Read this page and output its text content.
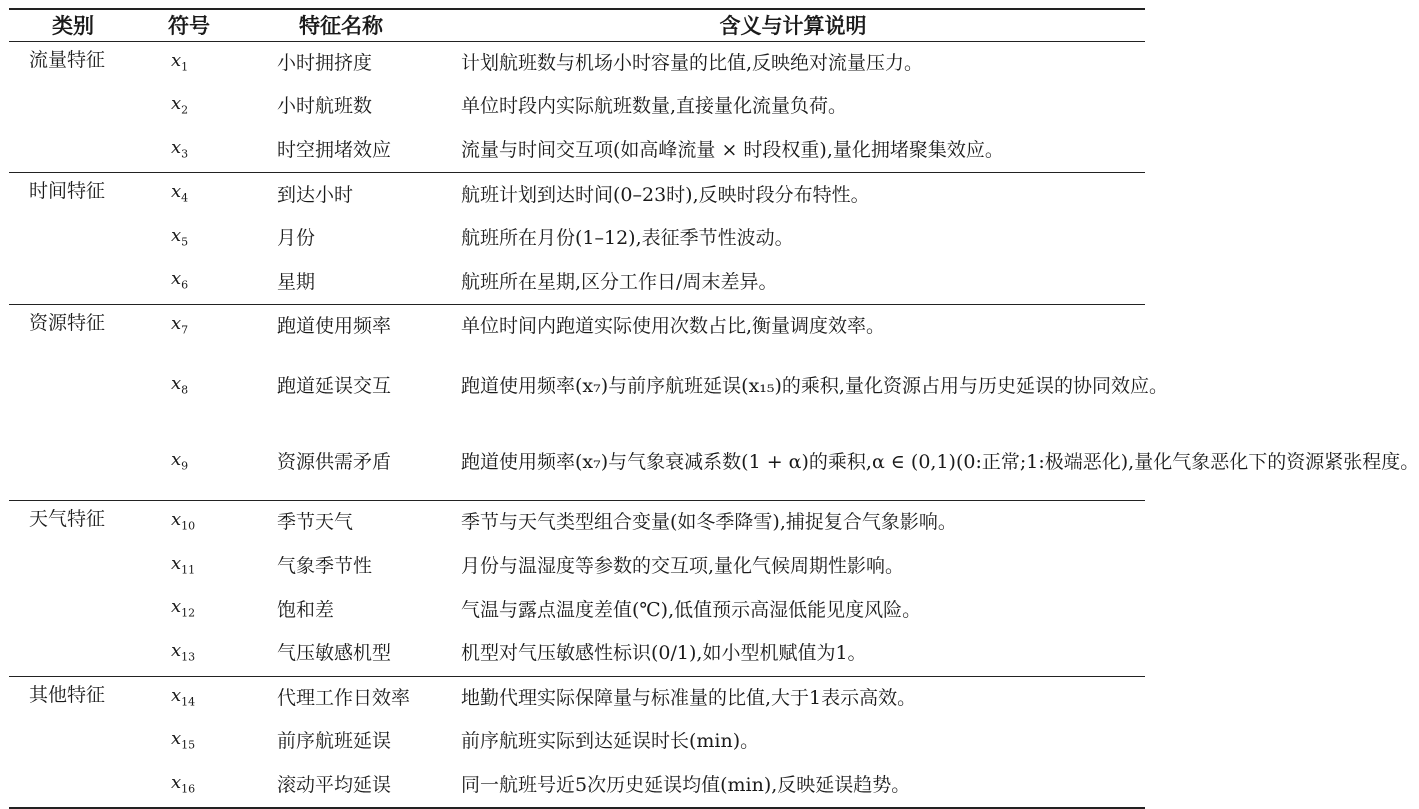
类别	符号	特征名称	含义与计算说明
流量特征	$x_1$	小时拥挤度	计划航班数与机场小时容量的比值,反映绝对流量压力。
	$x_2$	小时航班数	单位时段内实际航班数量,直接量化流量负荷。
	$x_3$	时空拥堵效应	流量与时间交互项(如高峰流量 × 时段权重),量化拥堵聚集效应。
时间特征	$x_4$	到达小时	航班计划到达时间(0–23时),反映时段分布特性。
	$x_5$	月份	航班所在月份(1–12),表征季节性波动。
	$x_6$	星期	航班所在星期,区分工作日/周末差异。
资源特征	$x_7$	跑道使用频率	单位时间内跑道实际使用次数占比,衡量调度效率。
	$x_8$	跑道延误交互	跑道使用频率(x₇)与前序航班延误(x₁₅)的乘积,量化资源占用与历史延误的协同效应。
	$x_9$	资源供需矛盾	跑道使用频率(x₇)与气象衰减系数(1 + α)的乘积,α ∈ (0,1)(0:正常;1:极端恶化),量化气象恶化下的资源紧张程度。
天气特征	$x_{10}$	季节天气	季节与天气类型组合变量(如冬季降雪),捕捉复合气象影响。
	$x_{11}$	气象季节性	月份与温湿度等参数的交互项,量化气候周期性影响。
	$x_{12}$	饱和差	气温与露点温度差值(℃),低值预示高湿低能见度风险。
	$x_{13}$	气压敏感机型	机型对气压敏感性标识(0/1),如小型机赋值为1。
其他特征	$x_{14}$	代理工作日效率	地勤代理实际保障量与标准量的比值,大于1表示高效。
	$x_{15}$	前序航班延误	前序航班实际到达延误时长(min)。
	$x_{16}$	滚动平均延误	同一航班号近5次历史延误均值(min),反映延误趋势。
